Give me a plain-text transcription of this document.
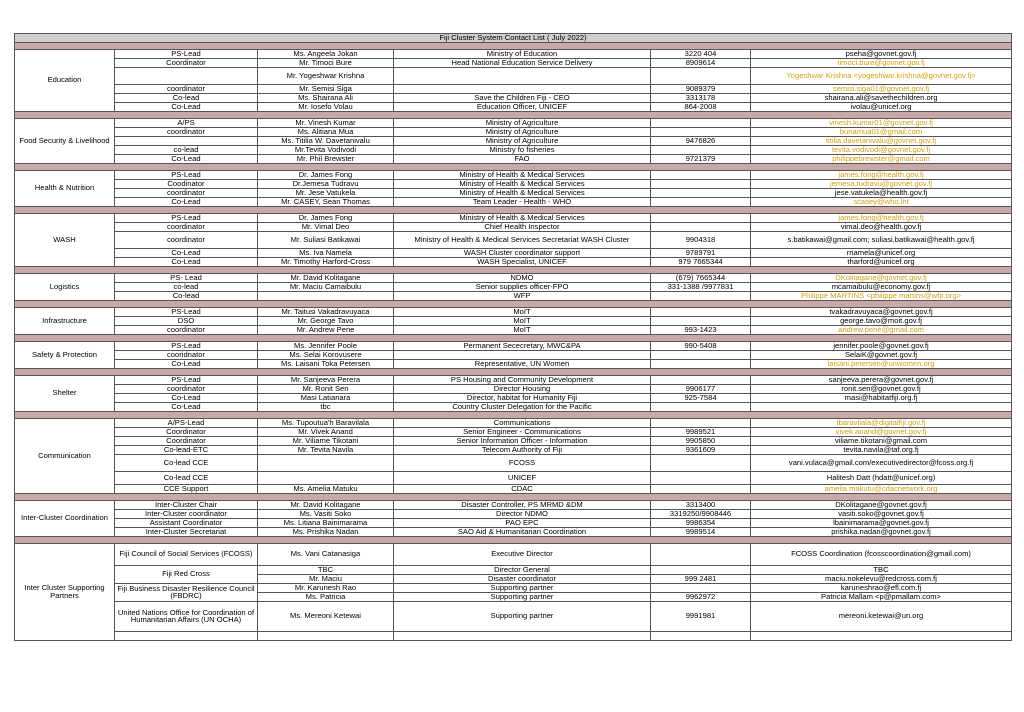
Fiji Cluster System Contact List ( July 2022)					

Education	PS-Lead	Ms. Angeela Jokan	Ministry of Education	3220 404	pseha@govnet.gov.fj
	Coordinator	Mr. Timoci Bure	Head National Education Service Delivery	8909614	timoci.bure@govnet.gov.fj
		Mr. Yogeshwar Krishna			Yogeshwar Krishna <yogeshwar.krishna@govnet.gov.fj>
	coordinator	Mr. Semisi Siga		9089379	semisi.siga01@govnet.gov.fj
	Co-lead	Ms. Shairana Ali	Save the Children Fiji - CEO	3313178	shairana.ali@savethechildren.org
	Co-Lead	Mr. Iosefo Volau	Education Officer, UNICEF	864-2008	ivolau@unicef.org

Food Security & Livelihood	A/PS	Mr. Vinesh Kumar	Ministry of Agriculture		vinesh.kumar01@govnet.gov.fj
	coordinator	Ms. Alitiana Mua	Ministry of Agriculture		bunamua01@gmail.com
		Ms. Titilia W. Davetanivalu	Ministry of Agriculture	9476826	titilia.davetanivalu@govnet.gov.fj
	co-lead	Mr.Tevita Vodivodi	Ministry fo fisheries		tevita.vodivodi@govnet.gov.fj
	Co-Lead	Mr. Phil Brewster	FAO	9721379	philippebrewster@gmail.com

Health & Nutrition	PS-Lead	Dr. James Fong	Ministry of Health & Medical Services		james.fong@health.gov.fj
	Coodinator	Dr.Jemesa Tudravu	Ministry of Health & Medical Services		jemesa.tudravu@govnet.gov.fj
	coordinator	Mr. Jese Vatukela	Ministry of Health & Medical Services		jese.vatukela@health.gov.fj
	Co-Lead	Mr. CASEY, Sean Thomas	Team Leader - Health - WHO		scasey@who.int

WASH	PS-Lead	Dr. James Fong	Ministry of Health & Medical Services		james.fong@health.gov.fj
	coordinator	Mr. Vimal Deo	Chief Health Inspector		vimal.deo@health.gov.fj
	coordinator	Mr. Suliasi Batikawai	Ministry of Health & Medical Services Secretariat WASH Cluster	9904318	s.batikawai@gmail.com; suliasi.batikawai@health.gov.fj
	Co-Lead	Ms. Iva Namela	WASH Cluster coordinator support	9789791	rnamela@unicef.org
	Co-Lead	Mr. Timothy Harford-Cross	WASH Specialist, UNICEF	979 7665344	tharford@unicef.org

Logistics	PS- Lead	Mr. David Kolitagane	NDMO	(679) 7665344	DKolitagane@govnet.gov.fj
	co-lead	Mr. Maciu Camaibulu	Senior supplies officer-FPO	331-1388 /9977831	mcamaibulu@economy.gov.fj
	Co-lead		WFP		Philippe MARTINS <philippe.martins@wfp.org>

Infrastructure	PS-Lead	Mr. Taitusi Vakadravuyaca	MoIT		tvakadravuyaca@govnet.gov.fj
	DSO	Mr. George Tavo	MoIT		george.tavo@moit.gov.fj
	coordinator	Mr. Andrew Pene	MoIT	993-1423	andrew.pene@gmail.com

Safety & Protection	PS-Lead	Ms. Jennifer Poole	Permanent Sececretary, MWC&PA	990-5408	jennifer.poole@govnet.gov.fj
	cooridnator	Ms. Selai Korovusere			SelaiK@govnet.gov.fj
	Co-Lead	Ms. Laisani Toka Petersen	Representative, UN Women		laisani.petersen@unwomen.org

Shelter	PS-Lead	Mr. Sanjeeva Perera	PS Housing and Community Development		sanjeeva.perera@govnet.gov.fj
	coordinator	Mr. Ronit Sen	Director Housing	9906177	ronit.sen@govnet.gov.fj
	Co-Lead	Masi Latianara	Director, habitat for Humanity Fiji	925-7584	masi@habitatfiji.org.fj
	Co-Lead	tbc	Country Cluster Delegation for the Pacific		

Communication	A/PS-Lead	Ms. Tupoutua'h Baravilala	Communications		tbaravilala@digitalfiji.gov.fj
	Coordinator	Mr. Vivek Anand	Senior Engineer - Communications	9989521	vivek.anand@govnet.gov.fj
	Coordinator	Mr. Viliame Tikotani	Senior Information Officer - Information	9905850	viliame.tikotani@gmail.com
	Co-lead-ETC	Mr. Tevita Navila	Telecom Authority of Fiji	9361609	tevita.navila@taf.org.fj
	Co-lead CCE		FCOSS		vani.vulaca@gmail.com/executivedirector@fcoss.org.fj
	Co-lead CCE		UNICEF		Halitesh Datt (hdatt@unicef.org)
	CCE Support	Ms. Amelia Matuku	CDAC		amelia.makutu@cdacnetwork.org

Inter-Cluster Coordination	Inter-Cluster Chair	Mr. David Kolitagane	Disaster Controller, PS MRMD &DM	3313400	DKolitagane@govnet.gov.fj
	Inter-Cluster coordinator	Ms. Vasiti Soko	Director NDMO	3319250/9908446	vasiti.soko@govnet.gov.fj
	Assistant Coordinator	Ms. Litiana Bainimarama	PAO EPC	9986354	lbainimarama@govnet.gov.fj
	Inter-Cluster Secretariat	Ms. Prishika Nadan	SAO Aid & Humanitarian Coordination	9989514	prishika.nadan@govnet.gov.fj

Inter Cluster Supporting Partners	Fiji Council of Social Services (FCOSS)	Ms. Vani Catanasiga	Executive Director		FCOSS Coordination (fcosscoordination@gmail.com)
	Fiji Red Cross	TBC	Director General		TBC
		Mr. Maciu	Disaster coordinator	999 2481	maciu.nokelevu@redcross.com.fj
	Fiji Business Disaster Resilience Council (FBDRC)	Mr. Karunesh Rao	Supporting partner		karuneshrao@efl.com.fj
		Ms. Patricia	Supporting partner	9962972	Patricia Mallam <p@pmallam.com>
	United Nations Office for Coordination of Humanitarian Affairs (UN OCHA)	Ms. Mereoni Ketewai	Supporting partner	9991981	mereoni.ketewai@un.org
